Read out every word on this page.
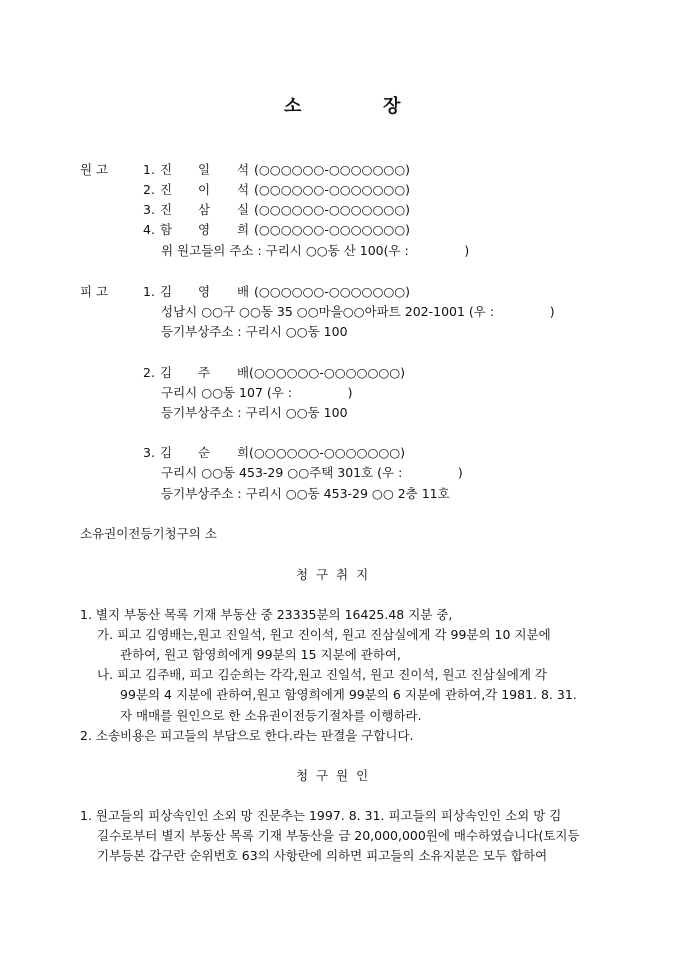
소	장
원 고	1. 진 일 석 (○○○○○○-○○○○○○○)
2. 진 이 석 (○○○○○○-○○○○○○○)
3. 진 삼 실 (○○○○○○-○○○○○○○)
4. 함 영 희 (○○○○○○-○○○○○○○)
위 원고들의 주소 : 구리시 ○○동 산 100(우 :              )
피 고	1. 김 영 배 (○○○○○○-○○○○○○○)
성남시 ○○구 ○○동 35 ○○마을○○아파트 202-1001 (우 :              )
등기부상주소 : 구리시 ○○동 100
2. 김 주 배 (○○○○○○-○○○○○○○)
구리시 ○○동 107 (우 :              )
등기부상주소 : 구리시 ○○동 100
3. 김 순 희 (○○○○○○-○○○○○○○)
구리시 ○○동 453-29 ○○주택 301호 (우 :              )
등기부상주소 : 구리시 ○○동 453-29 ○○ 2층 11호
소유권이전등기청구의 소
청  구  취  지
1. 별지 부동산 목록 기재 부동산 중 23335분의 16425.48 지분 중,
가. 피고 김영배는,원고 진일석, 원고 진이석, 원고 진삼실에게 각 99분의 10 지분에
관하여, 원고 함영희에게 99분의 15 지분에 관하여,
나. 피고 김주배, 피고 김순희는 각각,원고 진일석, 원고 진이석, 원고 진삼실에게 각
99분의 4 지분에 관하여,원고 함영희에게 99분의 6 지분에 관하여,각 1981. 8. 31.
자 매매를 원인으로 한 소유권이전등기절차를 이행하라.
2. 소송비용은 피고들의 부담으로 한다.라는 판결을 구합니다.
청  구  원  인
1. 원고들의 피상속인인 소외 망 진문추는 1997. 8. 31. 피고들의 피상속인인 소외 망 김
길수로부터 별지 부동산 목록 기재 부동산을 금 20,000,000원에 매수하였습니다(토지등
기부등본 갑구란 순위번호 63의 사항란에 의하면 피고들의 소유지분은 모두 합하여
